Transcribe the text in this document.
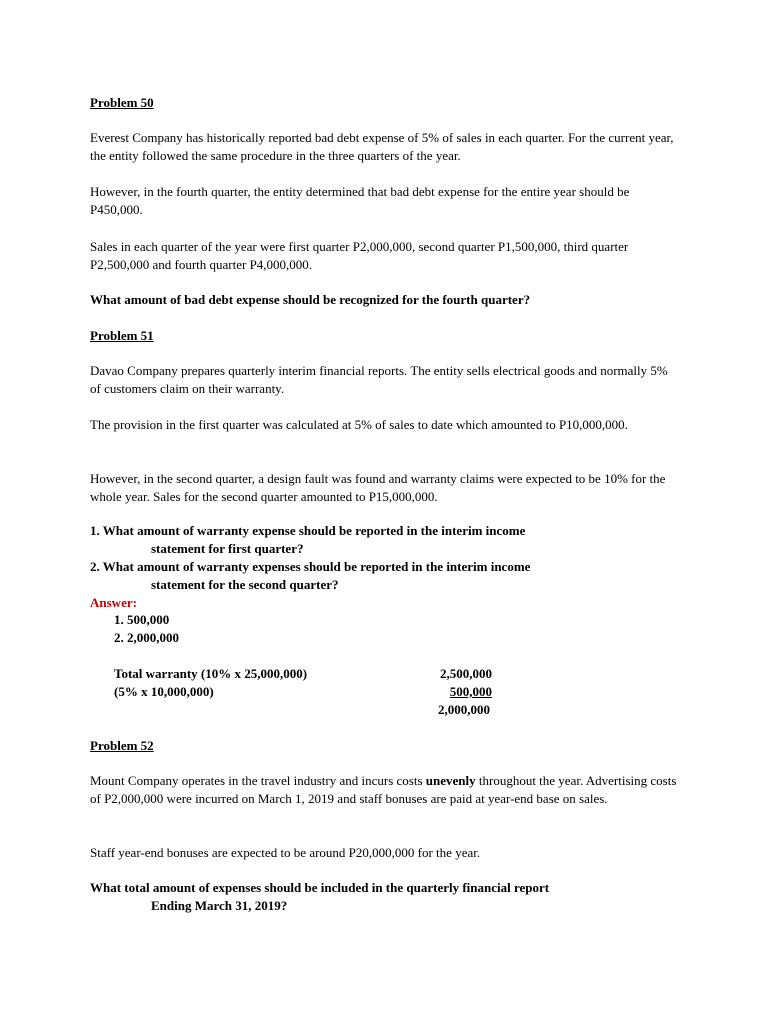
Problem 50
Everest Company has historically reported bad debt expense of 5% of sales in each quarter. For the current year, the entity followed the same procedure in the three quarters of the year.
However, in the fourth quarter, the entity determined that bad debt expense for the entire year should be P450,000.
Sales in each quarter of the year were first quarter P2,000,000, second quarter P1,500,000, third quarter P2,500,000 and fourth quarter P4,000,000.
What amount of bad debt expense should be recognized for the fourth quarter?
Problem 51
Davao Company prepares quarterly interim financial reports. The entity sells electrical goods and normally 5% of customers claim on their warranty.
The provision in the first quarter was calculated at 5% of sales to date which amounted to P10,000,000.
However, in the second quarter, a design fault was found and warranty claims were expected to be 10% for the whole year. Sales for the second quarter amounted to P15,000,000.
1. What amount of warranty expense should be reported in the interim income
statement for first quarter?
2. What amount of warranty expenses should be reported in the interim income
statement for the second quarter?
Answer:
1. 500,000
2. 2,000,000
Total warranty (10% x 25,000,000)	2,500,000
(5% x 10,000,000)	500,000
2,000,000
Problem 52
Mount Company operates in the travel industry and incurs costs unevenly throughout the year. Advertising costs of P2,000,000 were incurred on March 1, 2019 and staff bonuses are paid at year-end base on sales.
Staff year-end bonuses are expected to be around P20,000,000 for the year.
What total amount of expenses should be included in the quarterly financial report
Ending March 31, 2019?
